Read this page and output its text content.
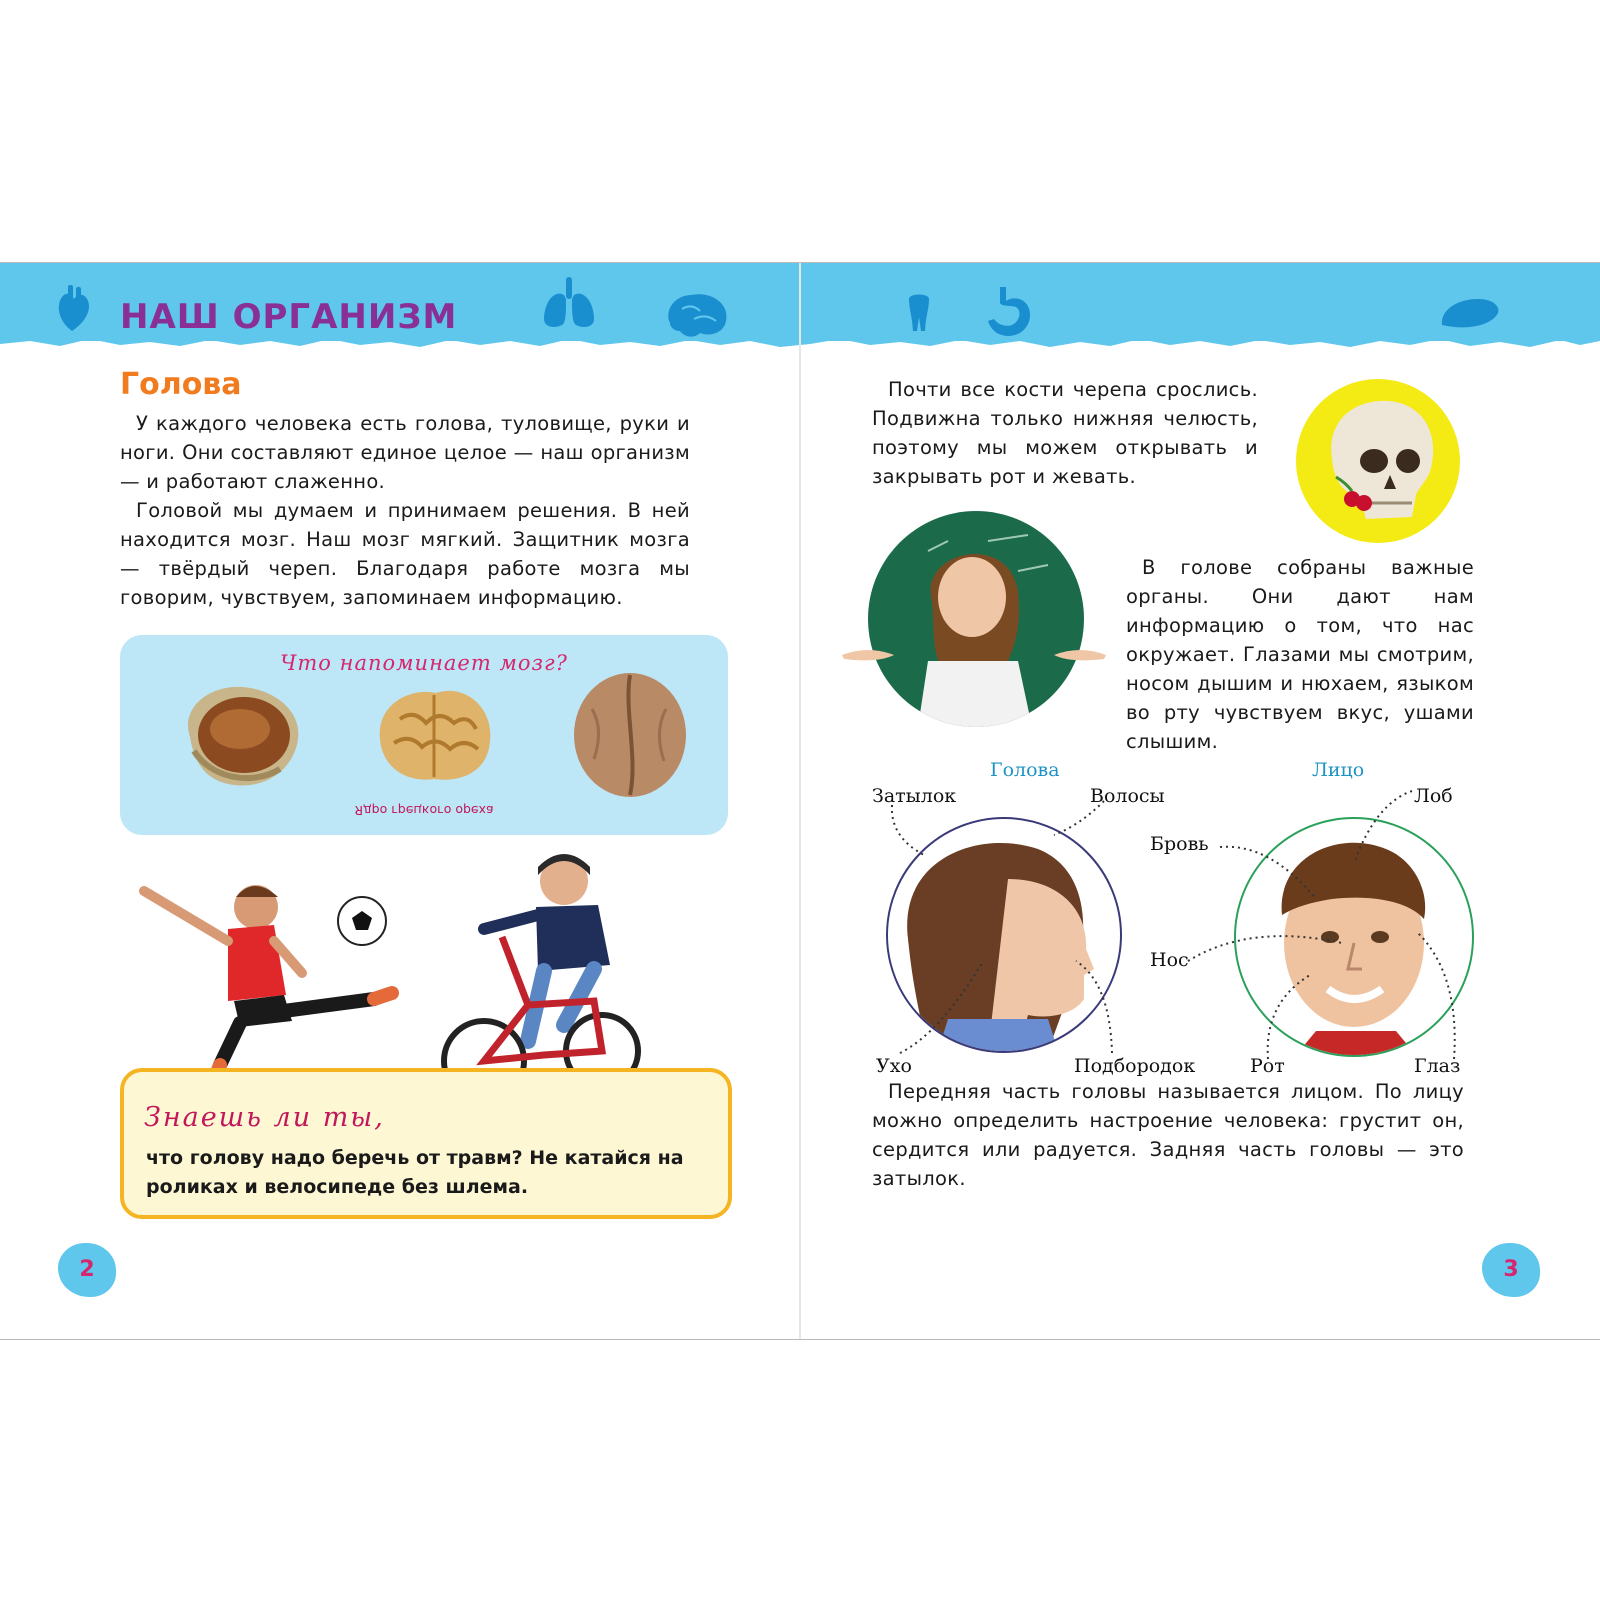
НАШ ОРГАНИЗМ
Голова

У каждого человека есть голова, туловище, руки и ноги. Они составляют единое целое — наш организм — и работают слаженно.

Головой мы думаем и принимаем решения. В ней находится мозг. Наш мозг мягкий. Защитник мозга — твёрдый череп. Благодаря работе мозга мы говорим, чувствуем, запоминаем информацию.

Что напоминает мозг?
Ядро грецкого ореха
Знаешь ли ты,
что голову надо беречь от травм? Не катайся на роликах и велосипеде без шлема.
2

Почти все кости черепа срослись. Подвижна только нижняя челюсть, поэтому мы можем открывать и закрывать рот и жевать.

В голове собраны важные органы. Они дают нам информацию о том, что нас окружает. Глазами мы смотрим, носом дышим и нюхаем, языком во рту чувствуем вкус, ушами слышим.

Голова	Лицо
Затылок	Волосы
Ухо	Подбородок
Лоб
Бровь
Нос
Рот	Глаз

Передняя часть головы называется лицом. По лицу можно определить настроение человека: грустит он, сердится или радуется. Задняя часть головы — это затылок.

3
